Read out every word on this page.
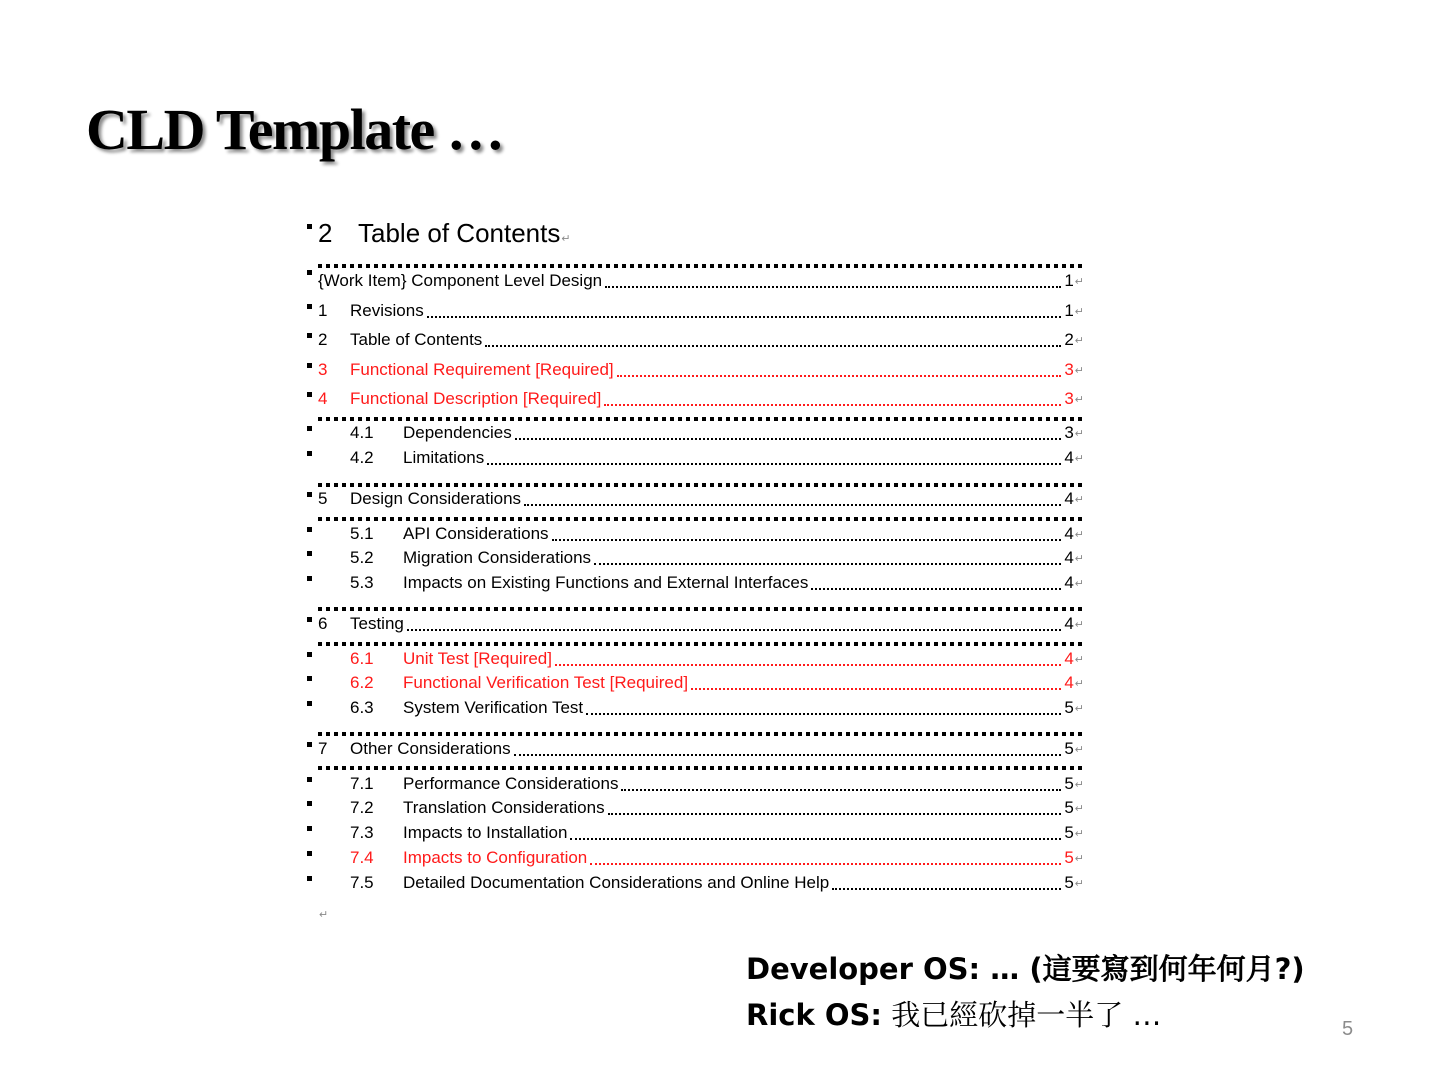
CLD Template …
2 Table of Contents↵
↵
{Work Item} Component Level Design	1 ↵
1	Revisions	1 ↵
2	Table of Contents	2 ↵
3	Functional Requirement [Required]	3 ↵
4	Functional Description [Required]	3 ↵
4.1	Dependencies	3 ↵
4.2	Limitations	4 ↵
5	Design Considerations	4 ↵
5.1	API Considerations	4 ↵
5.2	Migration Considerations	4 ↵
5.3	Impacts on Existing Functions and External Interfaces	4 ↵
6	Testing	4 ↵
6.1	Unit Test [Required]	4 ↵
6.2	Functional Verification Test [Required]	4 ↵
6.3	System Verification Test	5 ↵
7	Other Considerations	5 ↵
7.1	Performance Considerations	5 ↵
7.2	Translation Considerations	5 ↵
7.3	Impacts to Installation	5 ↵
7.4	Impacts to Configuration	5 ↵
7.5	Detailed Documentation Considerations and Online Help	5 ↵
Developer OS: … (這要寫到何年何月?)
Rick OS: 我已經砍掉一半了 …	5
